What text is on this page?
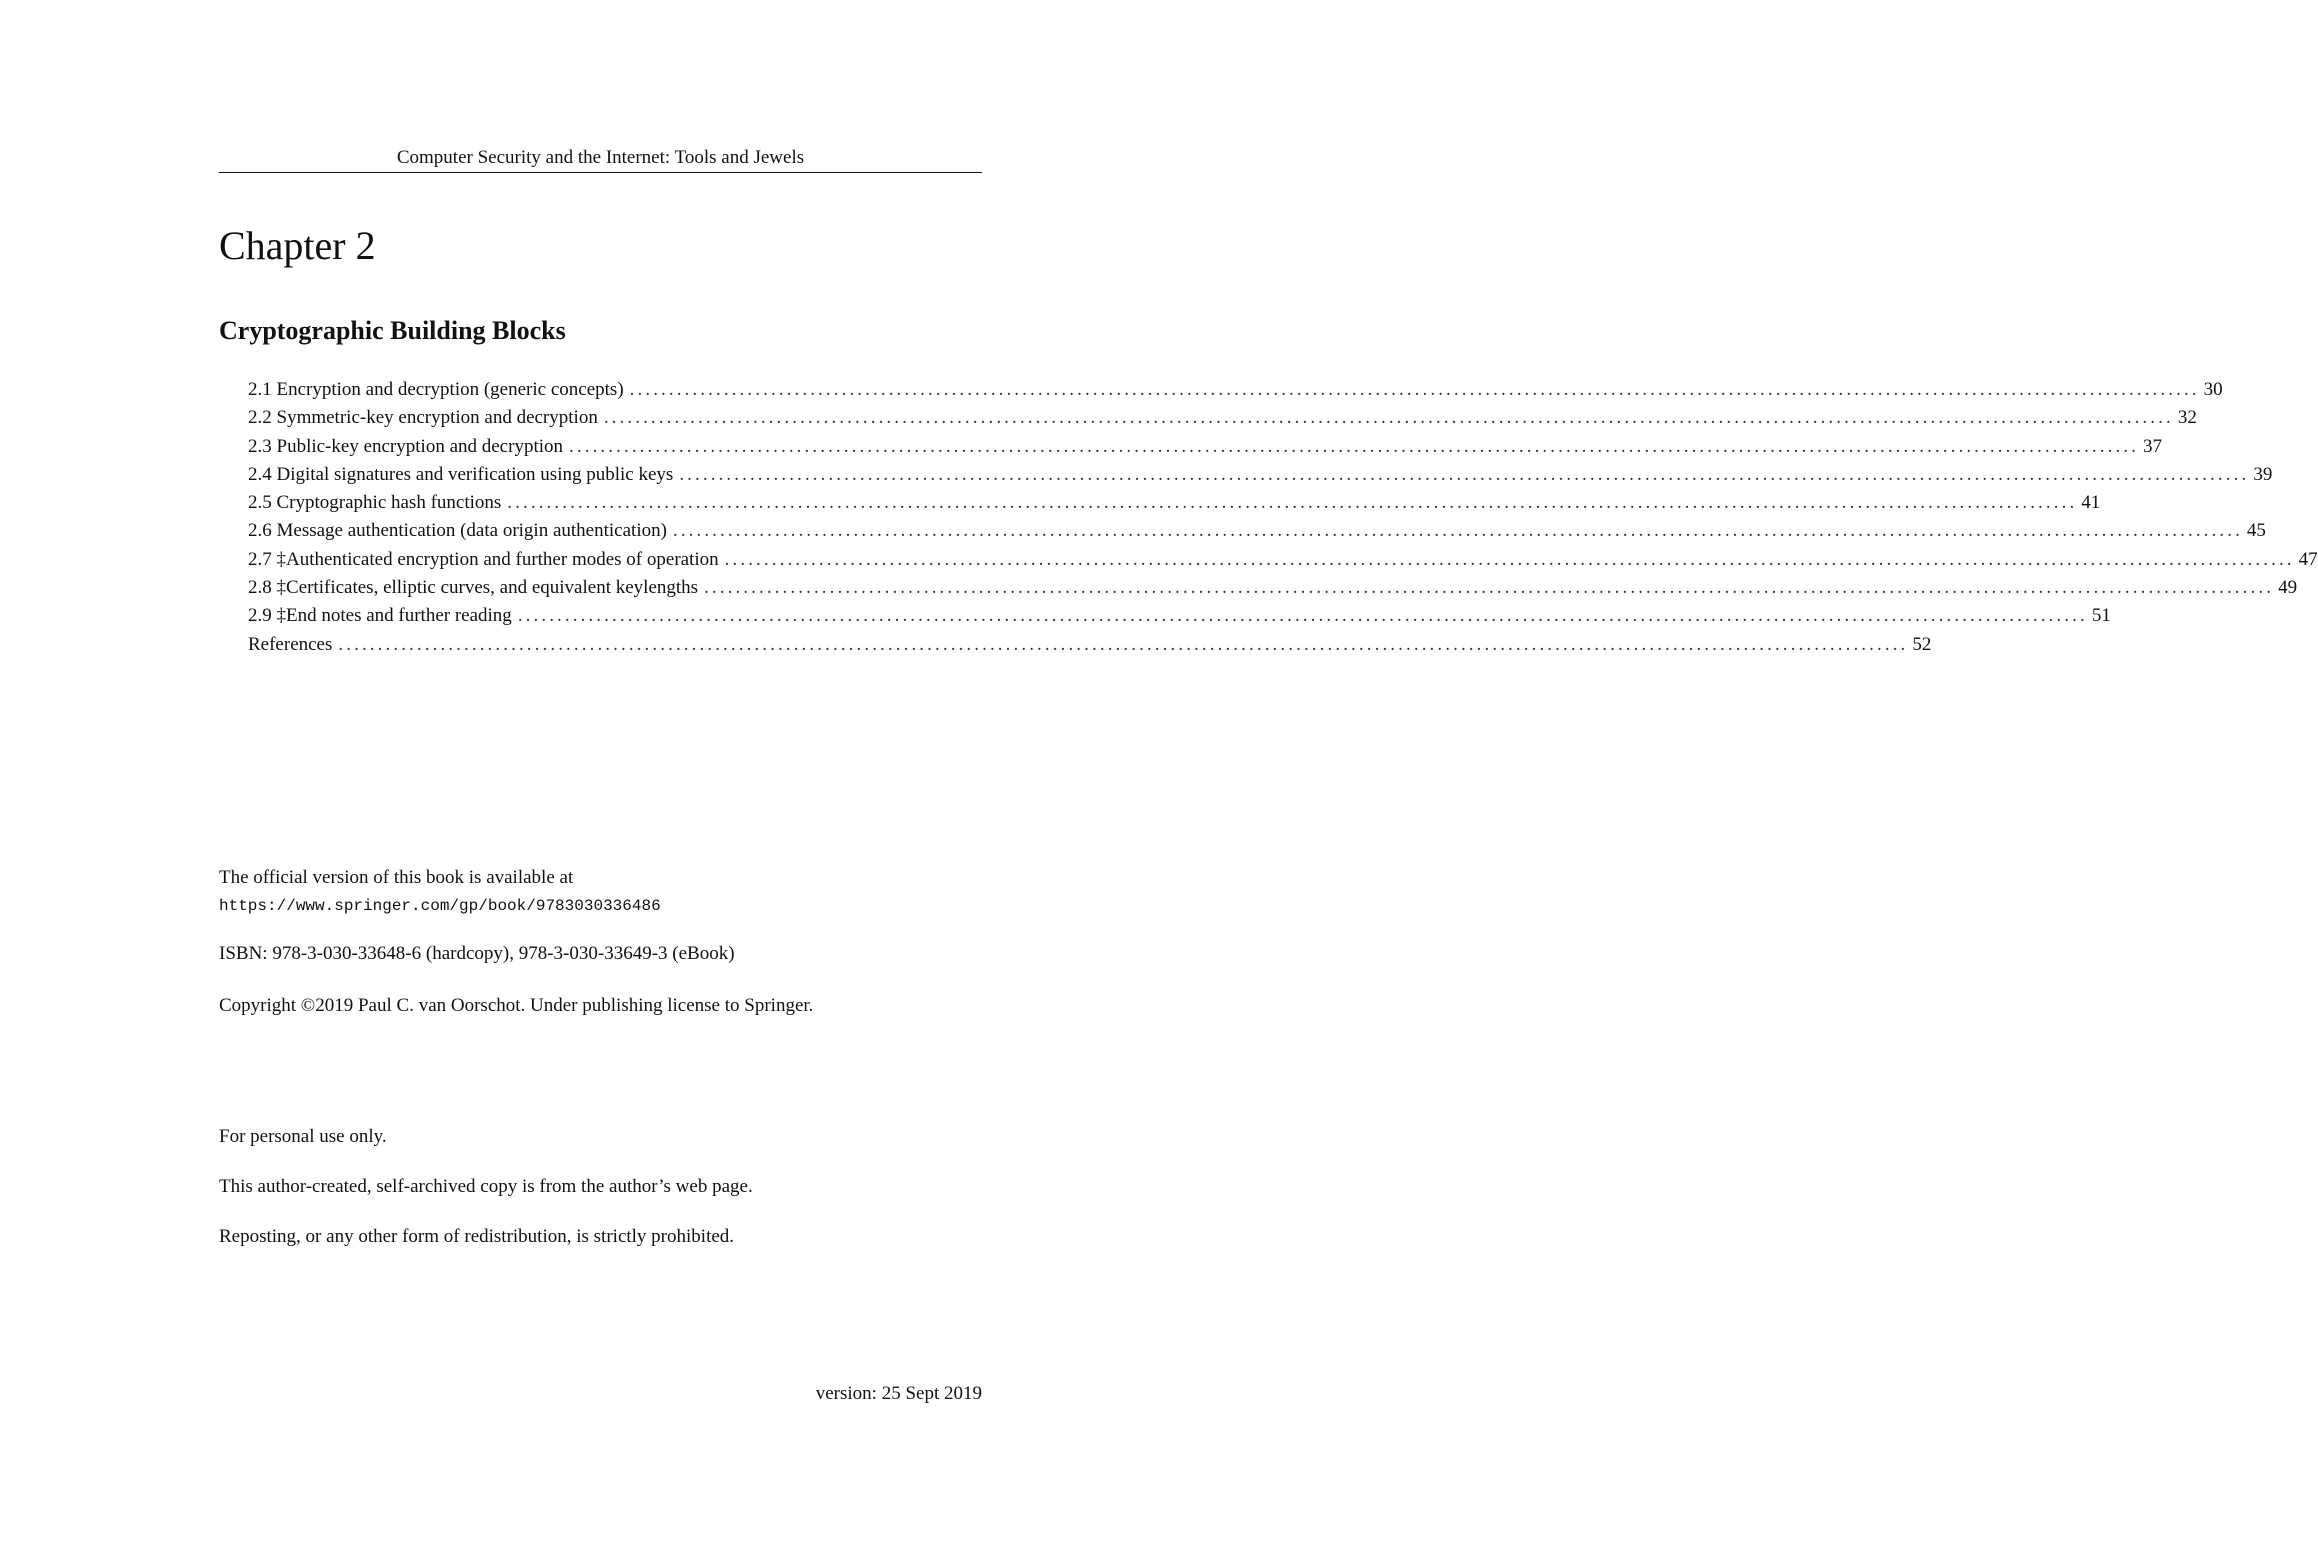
Computer Security and the Internet: Tools and Jewels
Chapter 2
Cryptographic Building Blocks
2.1 Encryption and decryption (generic concepts) ........................................................................................................................................................................................................ 30
2.2 Symmetric-key encryption and decryption ........................................................................................................................................................................................................ 32
2.3 Public-key encryption and decryption ........................................................................................................................................................................................................ 37
2.4 Digital signatures and verification using public keys ........................................................................................................................................................................................................ 39
2.5 Cryptographic hash functions ........................................................................................................................................................................................................ 41
2.6 Message authentication (data origin authentication) ........................................................................................................................................................................................................ 45
2.7 ‡Authenticated encryption and further modes of operation ........................................................................................................................................................................................................ 47
2.8 ‡Certificates, elliptic curves, and equivalent keylengths ........................................................................................................................................................................................................ 49
2.9 ‡End notes and further reading ........................................................................................................................................................................................................ 51
References ........................................................................................................................................................................................................ 52
The official version of this book is available at
https://www.springer.com/gp/book/9783030336486
ISBN: 978-3-030-33648-6 (hardcopy), 978-3-030-33649-3 (eBook)
Copyright ©2019 Paul C. van Oorschot. Under publishing license to Springer.
For personal use only.
This author-created, self-archived copy is from the author’s web page.
Reposting, or any other form of redistribution, is strictly prohibited.
version: 25 Sept 2019
